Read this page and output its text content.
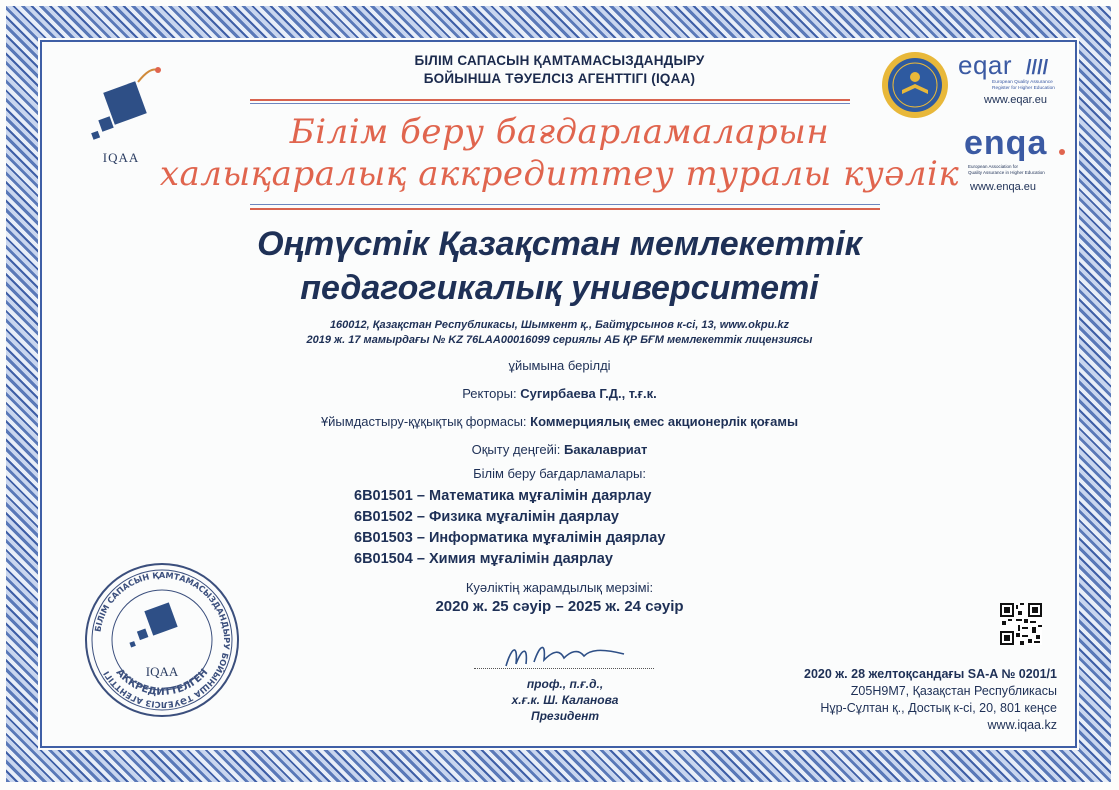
IQAA
БІЛІМ САПАСЫН ҚАМТАМАСЫЗДАНДЫРУ
БОЙЫНША ТӘУЕЛСІЗ АГЕНТТІГІ (IQAA)
Білім беру бағдарламаларын
халықаралық аккредиттеу туралы куәлік
Оңтүстік Қазақстан мемлекеттік
педагогикалық университеті
160012, Қазақстан Республикасы, Шымкент қ., Байтұрсынов к-сі, 13, www.okpu.kz
2019 ж. 17 мамырдағы № KZ 76LAA00016099 сериялы АБ ҚР БҒМ мемлекеттік лицензиясы
ұйымына берілді
Ректоры: Сугирбаева Г.Д., т.ғ.к.
Ұйымдастыру-құқықтық формасы: Коммерциялық емес акционерлік қоғамы
Оқыту деңгейі: Бакалавриат
Білім беру бағдарламалары:
6В01501 – Математика мұғалімін даярлау
6В01502 – Физика мұғалімін даярлау
6В01503 – Информатика мұғалімін даярлау
6В01504 – Химия мұғалімін даярлау
Куәліктің жарамдылық мерзімі:
2020 ж. 25 сәуір – 2025 ж. 24 сәуір
БІЛІМ САПАСЫН ҚАМТАМАСЫЗДАНДЫРУ БОЙЫНША ТӘУЕЛСІЗ АГЕНТТІГІ	IQAA
АККРЕДИТТЕЛГЕН
проф., п.ғ.д.,
х.ғ.к. Ш. Каланова
Президент
2020 ж. 28 желтоқсандағы SA-A № 0201/1
Z05H9M7, Қазақстан Республикасы
Нұр-Сұлтан қ., Достық к-сі, 20, 801 кеңсе
www.iqaa.kz
eqar ////
European Quality Assurance
Register for Higher Education
www.eqar.eu
enqa
European Association for
Quality Assurance in Higher Education
www.enqa.eu
